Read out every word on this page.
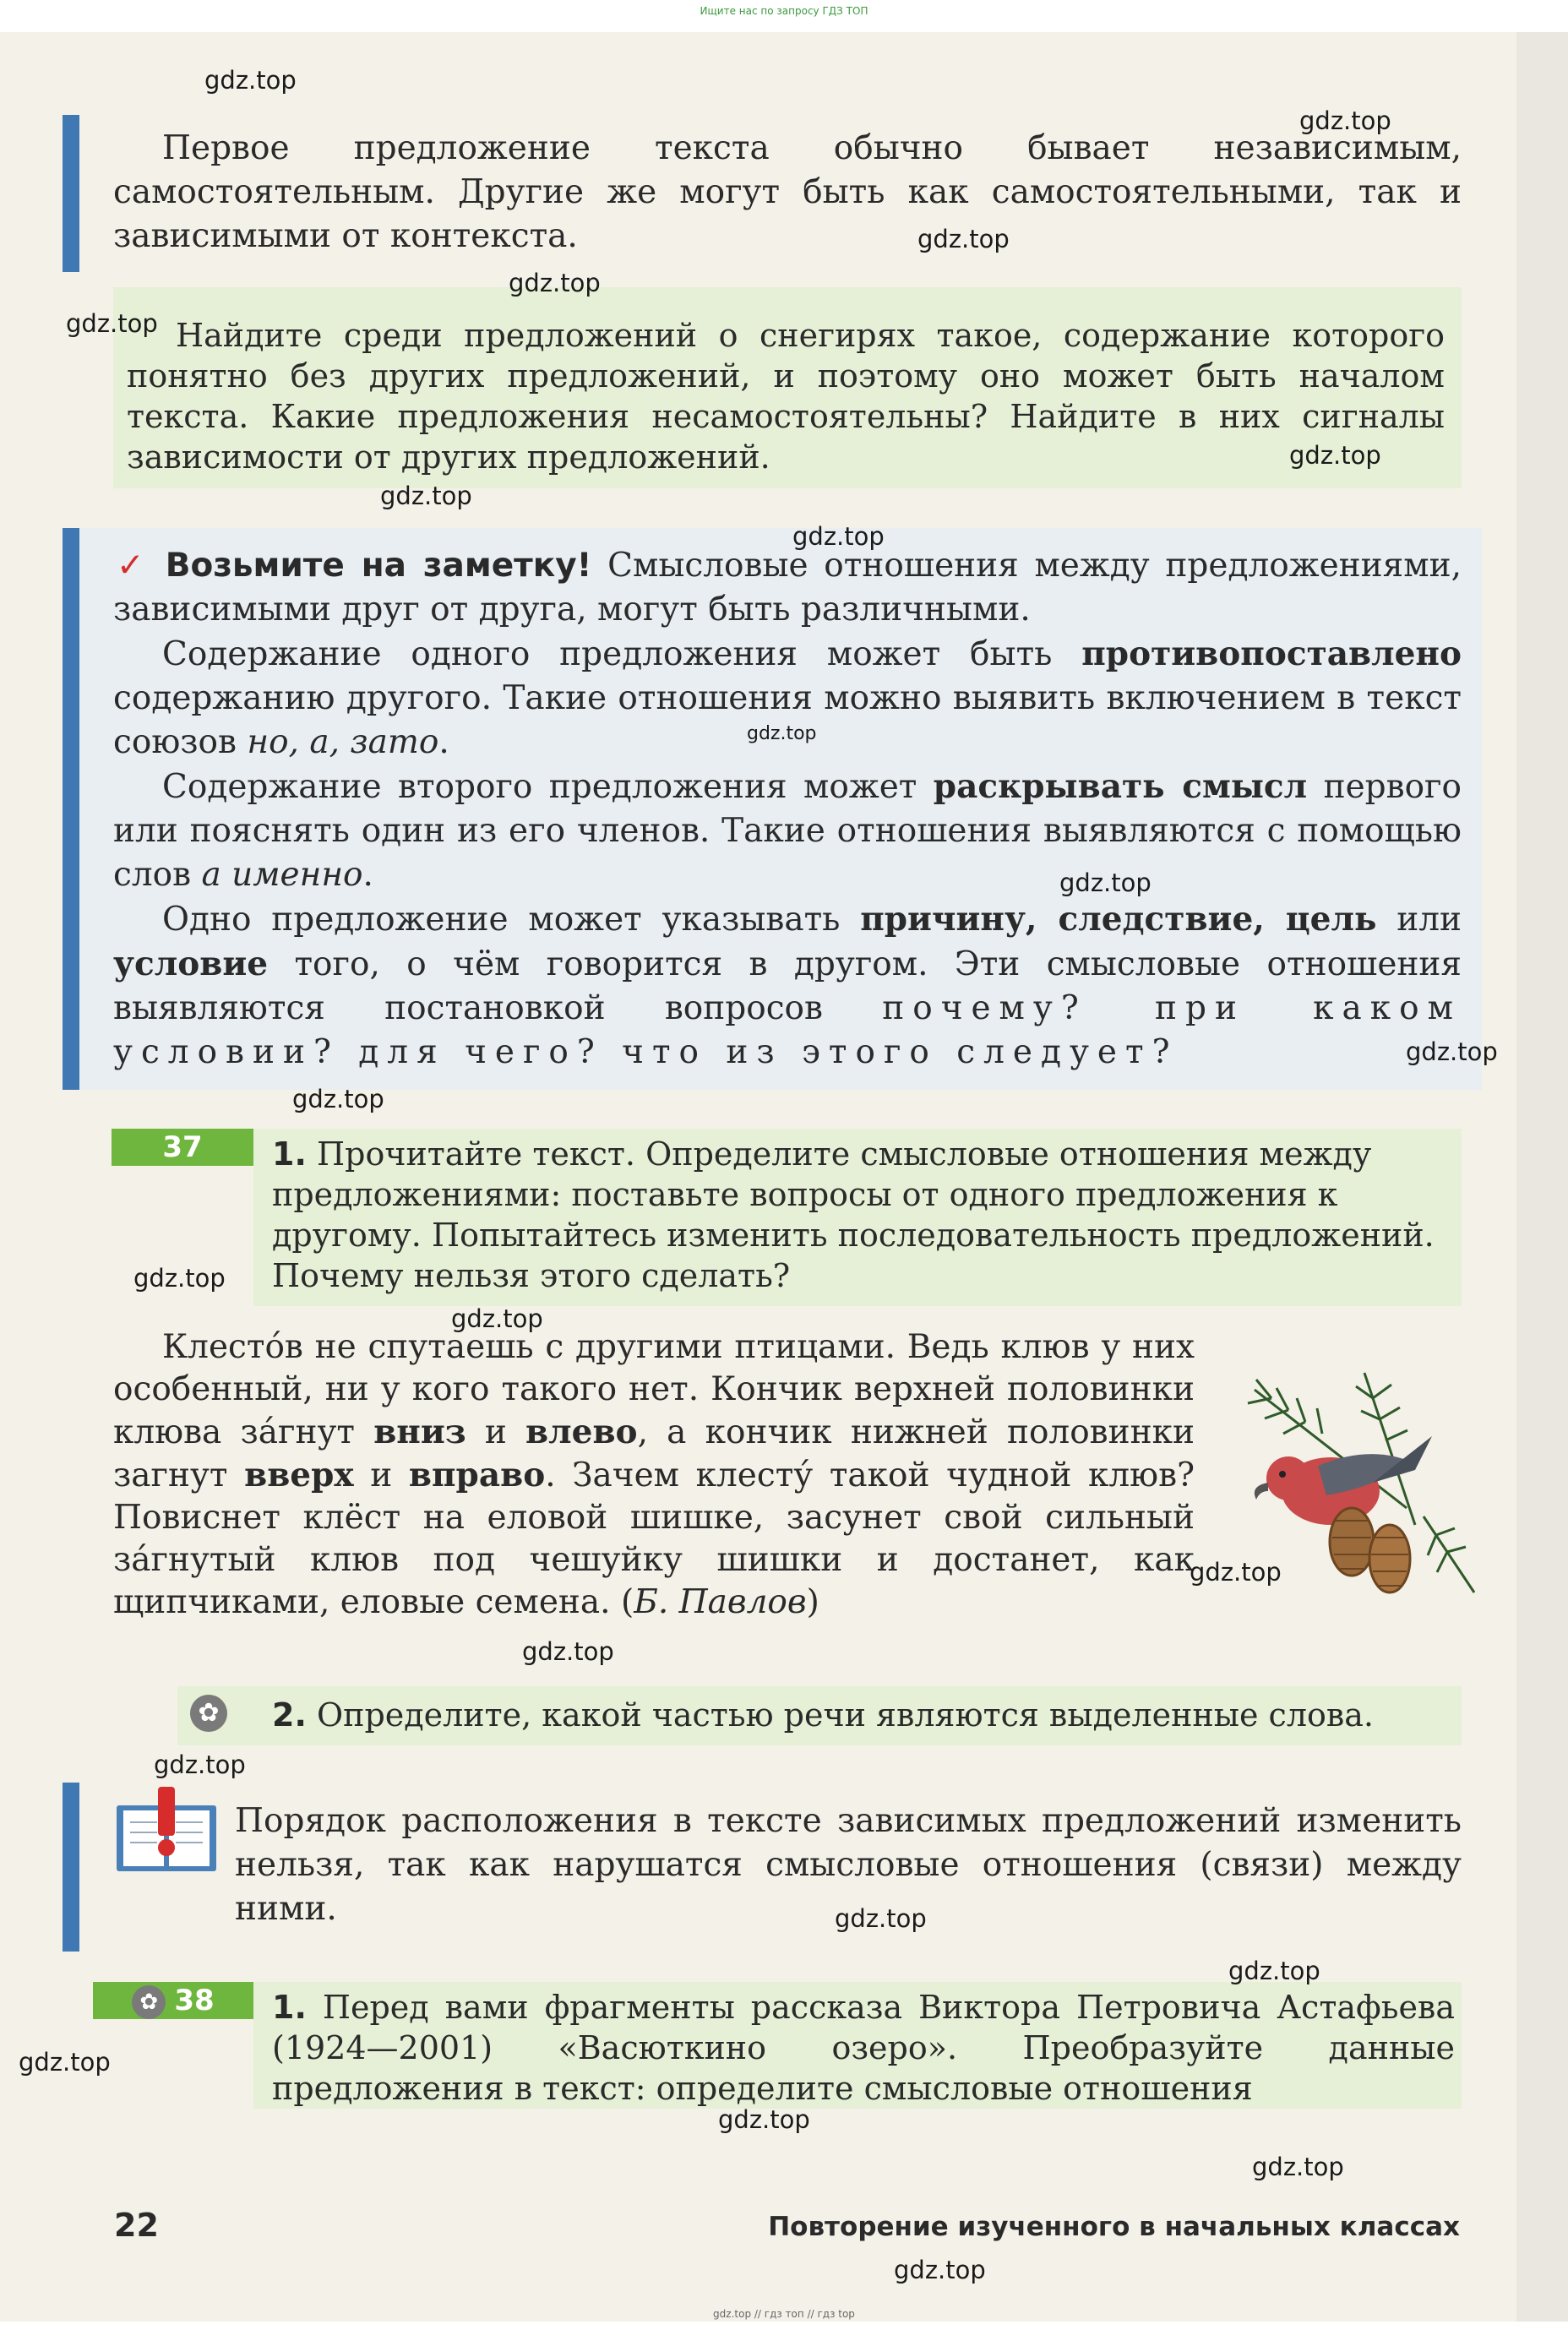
Ищите нас по запросу ГДЗ ТОП
Первое предложение текста обычно бывает независимым, самостоятельным. Другие же могут быть как самостоятельными, так и зависимыми от контекста.
Найдите среди предложений о снегирях такое, содержание которого понятно без других предложений, и поэтому оно может быть началом текста. Какие предложения несамостоятельны? Найдите в них сигналы зависимости от других предложений.

✓ Возьмите на заметку! Смысловые отношения между предложениями, зависимыми друг от друга, могут быть различными.

Содержание одного предложения может быть противопоставлено содержанию другого. Такие отношения можно выявить включением в текст союзов но, а, зато.

Содержание второго предложения может раскрывать смысл первого или пояснять один из его членов. Такие отношения выявляются с помощью слов а именно.

Одно предложение может указывать причину, следствие, цель или условие того, о чём говорится в другом. Эти смысловые отношения выявляются постановкой вопросов почему? при каком условии? для чего? что из этого следует?

37	1. Прочитайте текст. Определите смысловые отношения между предложениями: поставьте вопросы от одного предложения к другому. Попытайтесь изменить последовательность предложений. Почему нельзя этого сделать?
Клесто́в не спутаешь с другими птицами. Ведь клюв у них особенный, ни у кого такого нет. Кончик верхней половинки клюва за́гнут вниз и влево, а кончик нижней половинки загнут вверх и вправо. Зачем клесту́ такой чудной клюв? Повиснет клёст на еловой шишке, засунет свой сильный за́гнутый клюв под чешуйку шишки и достанет, как щипчиками, еловые семена. (Б. Павлов)
✿ 2. Определите, какой частью речи являются выделенные слова.
Порядок расположения в тексте зависимых предложений изменить нельзя, так как нарушатся смысловые отношения (связи) между ними.
✿ 38	1. Перед вами фрагменты рассказа Виктора Петровича Астафьева (1924—2001) «Васюткино озеро». Преобразуйте данные предложения в текст: определите смысловые отношения
22	Повторение изученного в начальных классах
gdz.top
gdz.top
gdz.top
gdz.top
gdz.top
gdz.top
gdz.top
gdz.top
gdz.top
gdz.top
gdz.top
gdz.top
gdz.top
gdz.top
gdz.top
gdz.top
gdz.top
gdz.top
gdz.top
gdz.top
gdz.top
gdz.top
gdz.top
gdz.top // гдз топ // гдз top
